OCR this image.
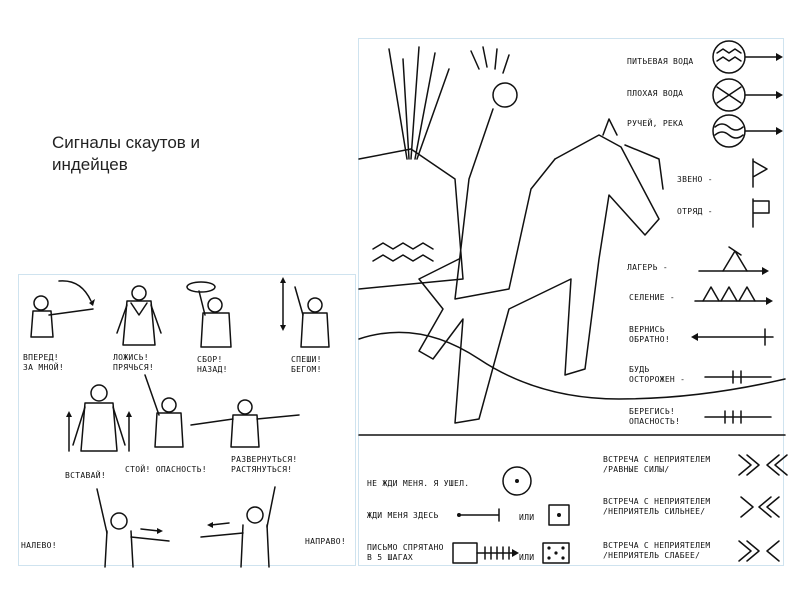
Сигналы скаутов и
индейцев
ВПЕРЕД!
ЗА МНОЙ!
ЛОЖИСЬ!
ПРЯЧЬСЯ!
СБОР!
НАЗАД!
СПЕШИ!
БЕГОМ!
ВСТАВАЙ!
СТОЙ! ОПАСНОСТЬ!
РАЗВЕРНУТЬСЯ!
РАСТЯНУТЬСЯ!
НАЛЕВО!	НАПРАВО!
ПИТЬЕВАЯ ВОДА
ПЛОХАЯ ВОДА
РУЧЕЙ, РЕКА
ЗВЕНО -
ОТРЯД -
ЛАГЕРЬ -
СЕЛЕНИЕ -
ВЕРНИСЬ
ОБРАТНО!
БУДЬ
ОСТОРОЖЕН -
БЕРЕГИСЬ!
ОПАСНОСТЬ!
НЕ ЖДИ МЕНЯ. Я УШЕЛ.
ЖДИ МЕНЯ ЗДЕСЬ	ИЛИ
ПИСЬМО СПРЯТАНО
В 5 ШАГАХ	ИЛИ
ВСТРЕЧА С НЕПРИЯТЕЛЕМ
/РАВНЫЕ СИЛЫ/
ВСТРЕЧА С НЕПРИЯТЕЛЕМ
/НЕПРИЯТЕЛЬ СИЛЬНЕЕ/
ВСТРЕЧА С НЕПРИЯТЕЛЕМ
/НЕПРИЯТЕЛЬ СЛАБЕЕ/
